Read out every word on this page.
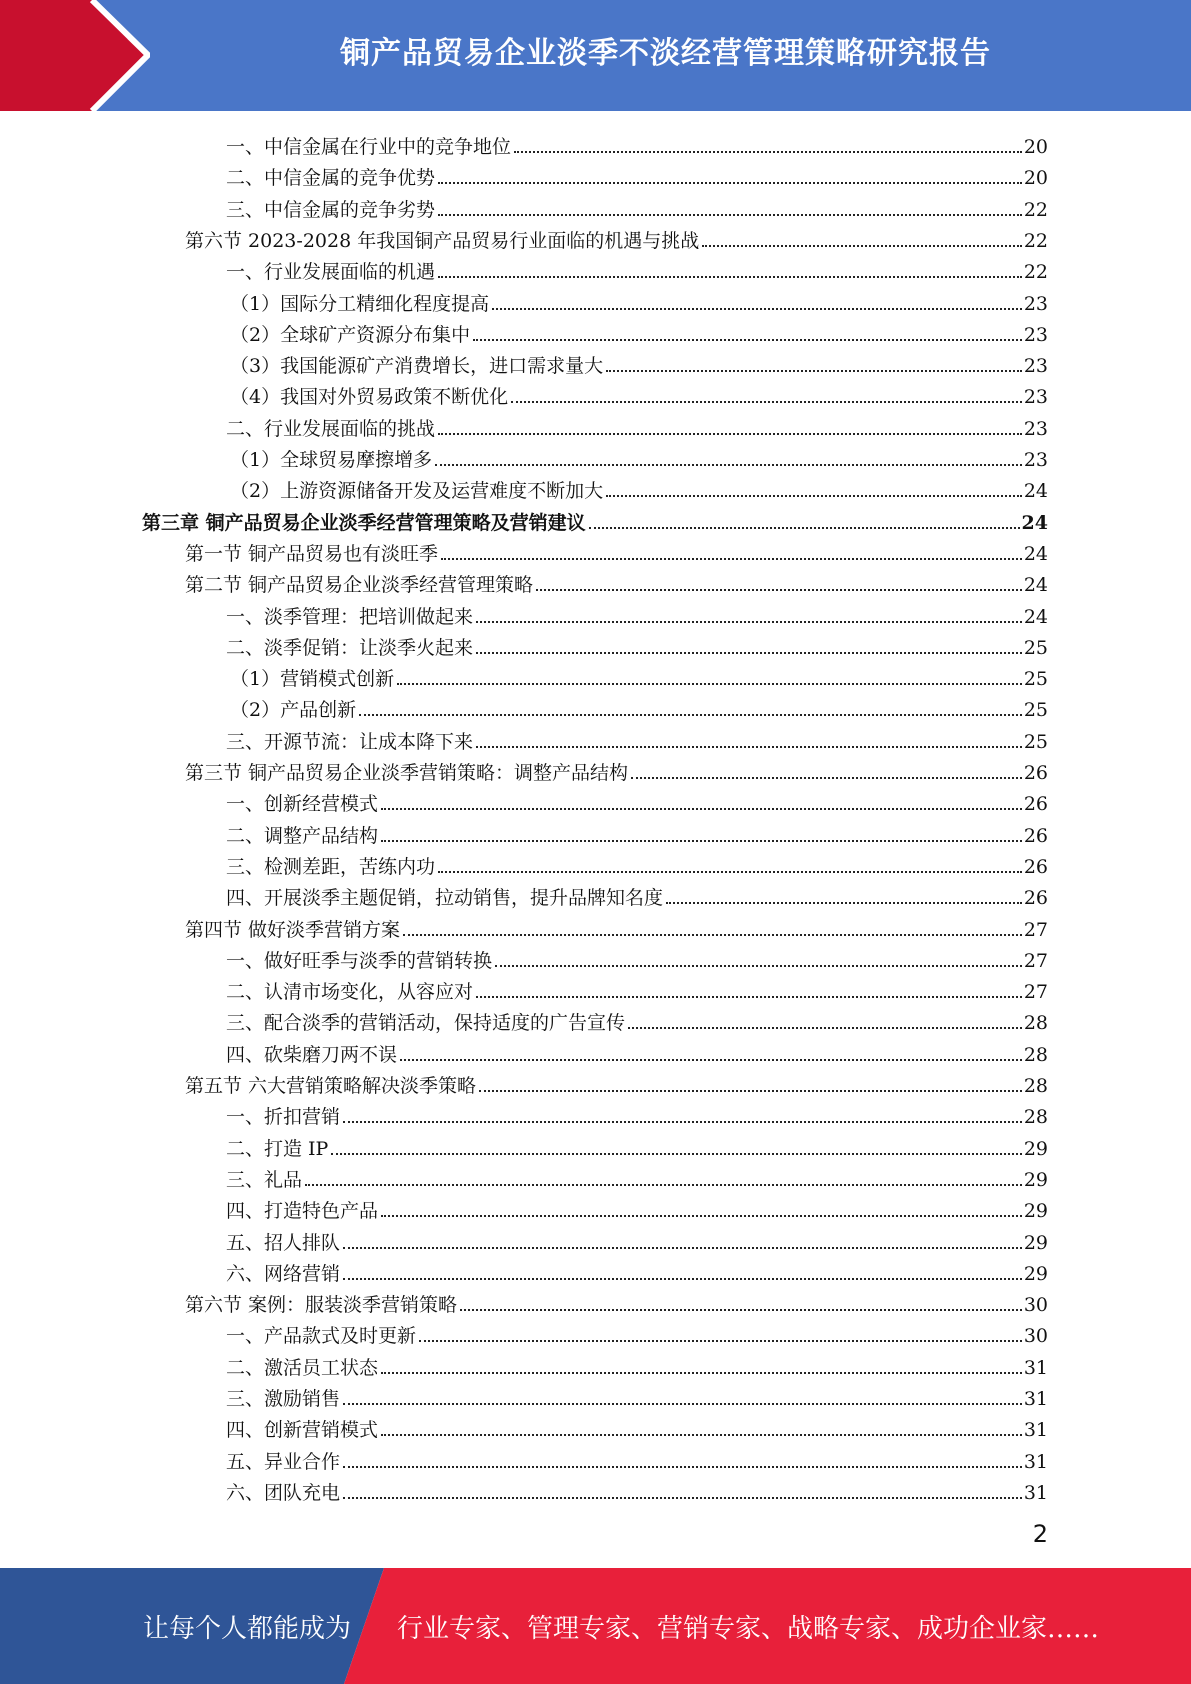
铜产品贸易企业淡季不淡经营管理策略研究报告
一、中信金属在行业中的竞争地位	20
二、中信金属的竞争优势	20
三、中信金属的竞争劣势	22
第六节 2023-2028 年我国铜产品贸易行业面临的机遇与挑战	22
一、行业发展面临的机遇	22
（1）国际分工精细化程度提高	23
（2）全球矿产资源分布集中	23
（3）我国能源矿产消费增长，进口需求量大	23
（4）我国对外贸易政策不断优化	23
二、行业发展面临的挑战	23
（1）全球贸易摩擦增多	23
（2）上游资源储备开发及运营难度不断加大	24
第三章 铜产品贸易企业淡季经营管理策略及营销建议	24
第一节 铜产品贸易也有淡旺季	24
第二节 铜产品贸易企业淡季经营管理策略	24
一、淡季管理：把培训做起来	24
二、淡季促销：让淡季火起来	25
（1）营销模式创新	25
（2）产品创新	25
三、开源节流：让成本降下来	25
第三节 铜产品贸易企业淡季营销策略：调整产品结构	26
一、创新经营模式	26
二、调整产品结构	26
三、检测差距，苦练内功	26
四、开展淡季主题促销，拉动销售，提升品牌知名度	26
第四节 做好淡季营销方案	27
一、做好旺季与淡季的营销转换	27
二、认清市场变化，从容应对	27
三、配合淡季的营销活动，保持适度的广告宣传	28
四、砍柴磨刀两不误	28
第五节 六大营销策略解决淡季策略	28
一、折扣营销	28
二、打造 IP	29
三、礼品	29
四、打造特色产品	29
五、招人排队	29
六、网络营销	29
第六节 案例：服装淡季营销策略	30
一、产品款式及时更新	30
二、激活员工状态	31
三、激励销售	31
四、创新营销模式	31
五、异业合作	31
六、团队充电	31
2
让每个人都能成为 行业专家、管理专家、营销专家、战略专家、成功企业家……
